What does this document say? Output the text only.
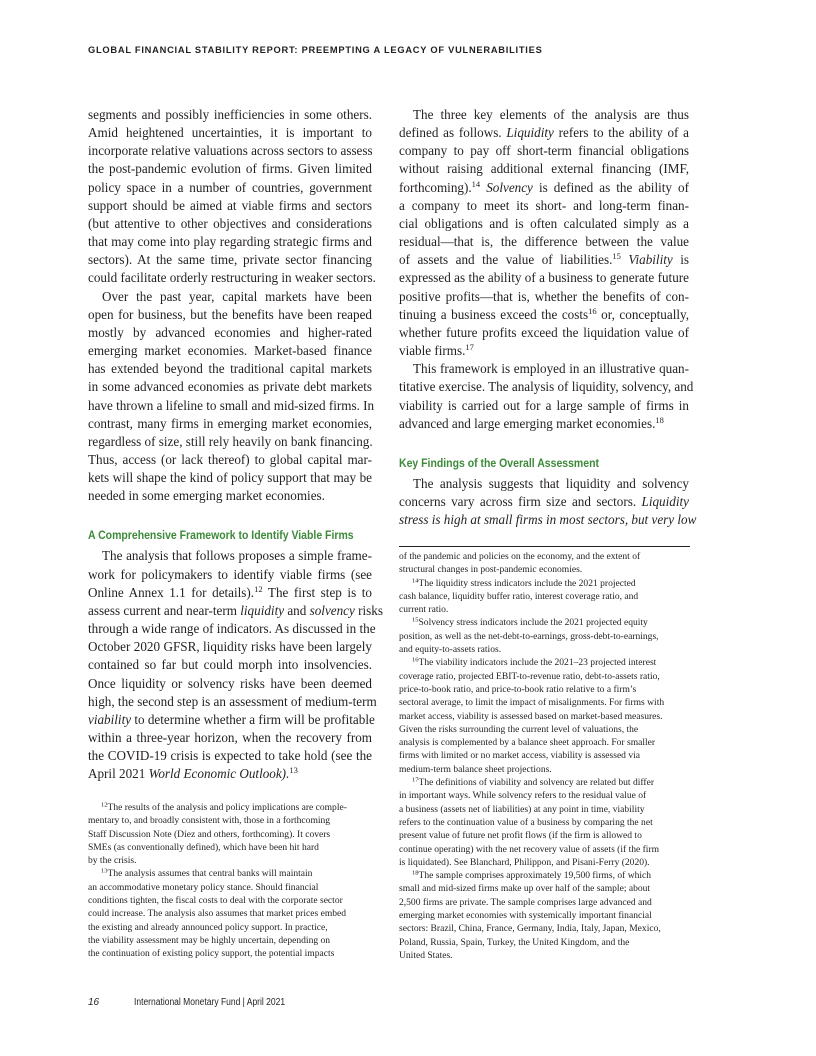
GLOBAL FINANCIAL STABILITY REPORT: PREEMPTING A LEGACY OF VULNERABILITIES

segments and possibly inefficiencies in some others.
Amid heightened uncertainties, it is important to
incorporate relative valuations across sectors to assess
the post-pandemic evolution of firms. Given limited
policy space in a number of countries, government
support should be aimed at viable firms and sectors
(but attentive to other objectives and considerations
that may come into play regarding strategic firms and
sectors). At the same time, private sector financing
could facilitate orderly restructuring in weaker sectors.

Over the past year, capital markets have been
open for business, but the benefits have been reaped
mostly by advanced economies and higher-rated
emerging market economies. Market-based finance
has extended beyond the traditional capital markets
in some advanced economies as private debt markets
have thrown a lifeline to small and mid-sized firms. In
contrast, many firms in emerging market economies,
regardless of size, still rely heavily on bank financing.
Thus, access (or lack thereof) to global capital mar-
kets will shape the kind of policy support that may be
needed in some emerging market economies.

A Comprehensive Framework to Identify Viable Firms

The analysis that follows proposes a simple frame-
work for policymakers to identify viable firms (see
Online Annex 1.1 for details).$^{12}$ The first step is to
assess current and near-term liquidity and solvency risks
through a wide range of indicators. As discussed in the
October 2020 GFSR, liquidity risks have been largely
contained so far but could morph into insolvencies.
Once liquidity or solvency risks have been deemed
high, the second step is an assessment of medium-term
viability to determine whether a firm will be profitable
within a three-year horizon, when the recovery from
the COVID-19 crisis is expected to take hold (see the
April 2021 World Economic Outlook).$^{13}$

$^{12}$The results of the analysis and policy implications are comple-
mentary to, and broadly consistent with, those in a forthcoming
Staff Discussion Note (Díez and others, forthcoming). It covers
SMEs (as conventionally defined), which have been hit hard
by the crisis.

$^{13}$The analysis assumes that central banks will maintain
an accommodative monetary policy stance. Should financial
conditions tighten, the fiscal costs to deal with the corporate sector
could increase. The analysis also assumes that market prices embed
the existing and already announced policy support. In practice,
the viability assessment may be highly uncertain, depending on
the continuation of existing policy support, the potential impacts

The three key elements of the analysis are thus
defined as follows. Liquidity refers to the ability of a
company to pay off short-term financial obligations
without raising additional external financing (IMF,
forthcoming).$^{14}$ Solvency is defined as the ability of
a company to meet its short- and long-term finan-
cial obligations and is often calculated simply as a
residual—that is, the difference between the value
of assets and the value of liabilities.$^{15}$ Viability is
expressed as the ability of a business to generate future
positive profits—that is, whether the benefits of con-
tinuing a business exceed the costs$^{16}$ or, conceptually,
whether future profits exceed the liquidation value of
viable firms.$^{17}$

This framework is employed in an illustrative quan-
titative exercise. The analysis of liquidity, solvency, and
viability is carried out for a large sample of firms in
advanced and large emerging market economies.$^{18}$

Key Findings of the Overall Assessment

The analysis suggests that liquidity and solvency
concerns vary across firm size and sectors. Liquidity
stress is high at small firms in most sectors, but very low

of the pandemic and policies on the economy, and the extent of
structural changes in post-pandemic economies.

$^{14}$The liquidity stress indicators include the 2021 projected
cash balance, liquidity buffer ratio, interest coverage ratio, and
current ratio.

$^{15}$Solvency stress indicators include the 2021 projected equity
position, as well as the net-debt-to-earnings, gross-debt-to-earnings,
and equity-to-assets ratios.

$^{16}$The viability indicators include the 2021–23 projected interest
coverage ratio, projected EBIT-to-revenue ratio, debt-to-assets ratio,
price-to-book ratio, and price-to-book ratio relative to a firm’s
sectoral average, to limit the impact of misalignments. For firms with
market access, viability is assessed based on market-based measures.
Given the risks surrounding the current level of valuations, the
analysis is complemented by a balance sheet approach. For smaller
firms with limited or no market access, viability is assessed via
medium-term balance sheet projections.

$^{17}$The definitions of viability and solvency are related but differ
in important ways. While solvency refers to the residual value of
a business (assets net of liabilities) at any point in time, viability
refers to the continuation value of a business by comparing the net
present value of future net profit flows (if the firm is allowed to
continue operating) with the net recovery value of assets (if the firm
is liquidated). See Blanchard, Philippon, and Pisani-Ferry (2020).

$^{18}$The sample comprises approximately 19,500 firms, of which
small and mid-sized firms make up over half of the sample; about
2,500 firms are private. The sample comprises large advanced and
emerging market economies with systemically important financial
sectors: Brazil, China, France, Germany, India, Italy, Japan, Mexico,
Poland, Russia, Spain, Turkey, the United Kingdom, and the
United States.

16	International Monetary Fund | April 2021
